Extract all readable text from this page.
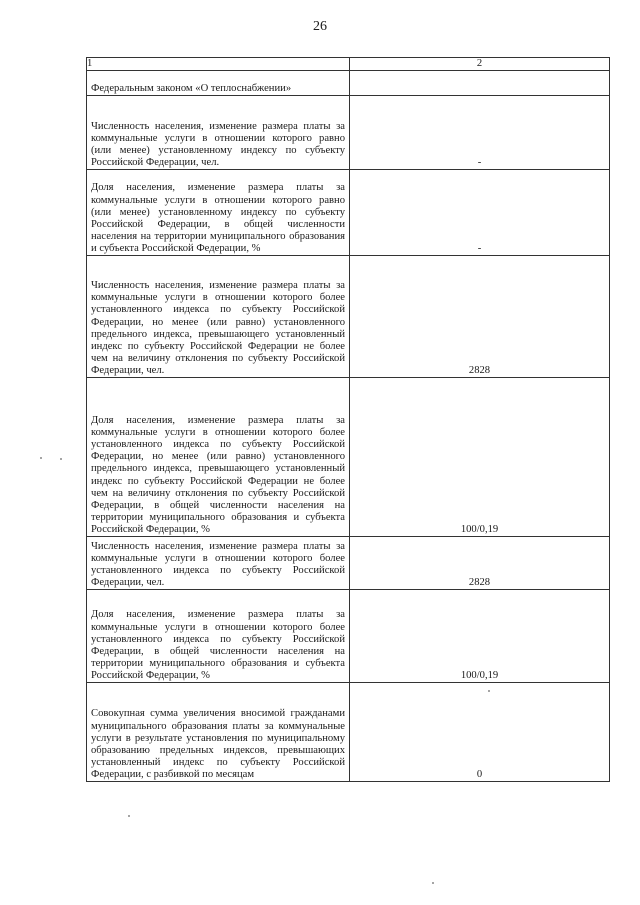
26
1	2
Федеральным законом «О теплоснабжении»	
Численность населения, изменение размера платы за коммунальные услуги в отношении которого равно (или менее) установленному индексу по субъекту Российской Федерации, чел.	-
Доля населения, изменение размера платы за коммунальные услуги в отношении которого равно (или менее) установленному индексу по субъекту Российской Федерации, в общей численности населения на территории муниципального образования и субъекта Российской Федерации, %	-
Численность населения, изменение размера платы за коммунальные услуги в отношении которого более установленного индекса по субъекту Российской Федерации, но менее (или равно) установленного предельного индекса, превышающего установленный индекс по субъекту Российской Федерации не более чем на величину отклонения по субъекту Российской Федерации, чел.	2828
Доля населения, изменение размера платы за коммунальные услуги в отношении которого более установленного индекса по субъекту Российской Федерации, но менее (или равно) установленного предельного индекса, превышающего установленный индекс по субъекту Российской Федерации не более чем на величину отклонения по субъекту Российской Федерации, в общей численности населения на территории муниципального образования и субъекта Российской Федерации, %	100/0,19
Численность населения, изменение размера платы за коммунальные услуги в отношении которого более установленного индекса по субъекту Российской Федерации, чел.	2828
Доля населения, изменение размера платы за коммунальные услуги в отношении которого более установленного индекса по субъекту Российской Федерации, в общей численности населения на территории муниципального образования и субъекта Российской Федерации, %	100/0,19
Совокупная сумма увеличения вносимой гражданами муниципального образования платы за коммунальные услуги в результате установления по муниципальному образованию предельных индексов, превышающих установленный индекс по субъекту Российской Федерации, с разбивкой по месяцам	0
